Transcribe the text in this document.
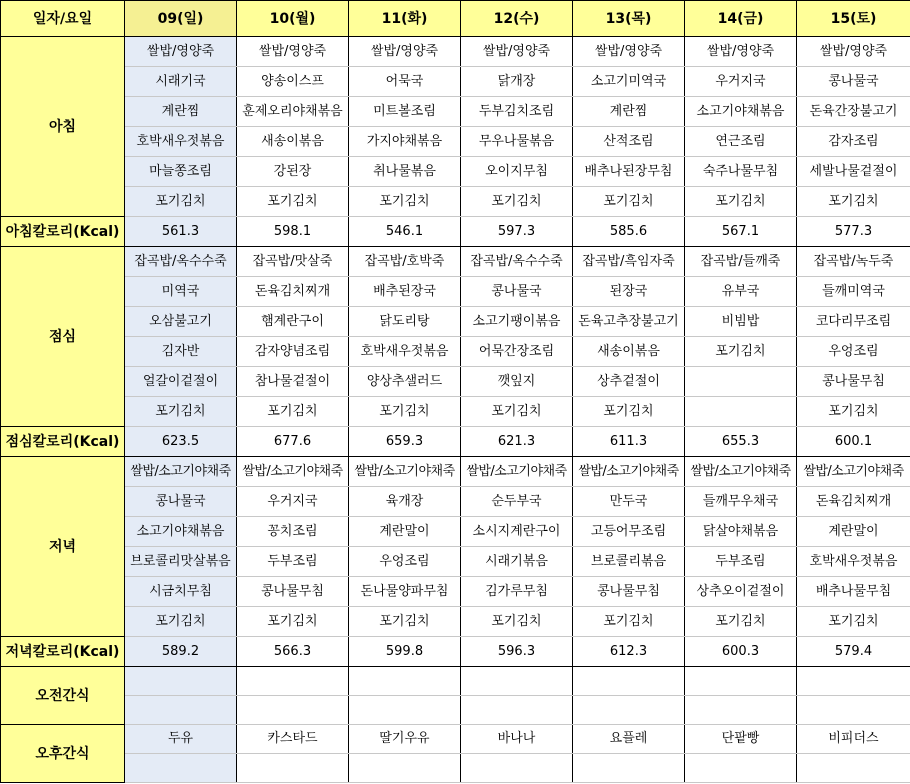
일자/요일	09(일)	10(월)	11(화)	12(수)	13(목)	14(금)	15(토)
아침	쌀밥/영양죽	쌀밥/영양죽	쌀밥/영양죽	쌀밥/영양죽	쌀밥/영양죽	쌀밥/영양죽	쌀밥/영양죽
	시래기국	양송이스프	어묵국	닭개장	소고기미역국	우거지국	콩나물국
	계란찜	훈제오리야채볶음	미트볼조림	두부김치조림	계란찜	소고기야채볶음	돈육간장불고기
	호박새우젓볶음	새송이볶음	가지야채볶음	무우나물볶음	산적조림	연근조림	감자조림
	마늘쫑조림	강된장	취나물볶음	오이지무침	배추나된장무침	숙주나물무침	세발나물겉절이
	포기김치	포기김치	포기김치	포기김치	포기김치	포기김치	포기김치
아침칼로리(Kcal)	561.3	598.1	546.1	597.3	585.6	567.1	577.3
점심	잡곡밥/옥수수죽	잡곡밥/맛살죽	잡곡밥/호박죽	잡곡밥/옥수수죽	잡곡밥/흑임자죽	잡곡밥/들깨죽	잡곡밥/녹두죽
	미역국	돈육김치찌개	배추된장국	콩나물국	된장국	유부국	들깨미역국
	오삼불고기	햄계란구이	닭도리탕	소고기팽이볶음	돈육고추장불고기	비빔밥	코다리무조림
	김자반	감자양념조림	호박새우젓볶음	어묵간장조림	새송이볶음	포기김치	우엉조림
	얼갈이겉절이	참나물겉절이	양상추샐러드	깻잎지	상추겉절이		콩나물무침
	포기김치	포기김치	포기김치	포기김치	포기김치		포기김치
점심칼로리(Kcal)	623.5	677.6	659.3	621.3	611.3	655.3	600.1
저녁	쌀밥/소고기야채죽	쌀밥/소고기야채죽	쌀밥/소고기야채죽	쌀밥/소고기야채죽	쌀밥/소고기야채죽	쌀밥/소고기야채죽	쌀밥/소고기야채죽
	콩나물국	우거지국	육개장	순두부국	만두국	들깨무우채국	돈육김치찌개
	소고기야채볶음	꽁치조림	계란말이	소시지계란구이	고등어무조림	닭살야채볶음	계란말이
	브로콜리맛살볶음	두부조림	우엉조림	시래기볶음	브로콜리볶음	두부조림	호박새우젓볶음
	시금치무침	콩나물무침	돈나물양파무침	김가루무침	콩나물무침	상추오이겉절이	배추나물무침
	포기김치	포기김치	포기김치	포기김치	포기김치	포기김치	포기김치
저녁칼로리(Kcal)	589.2	566.3	599.8	596.3	612.3	600.3	579.4
오전간식							

오후간식	두유	카스타드	딸기우유	바나나	요플레	단팥빵	비피더스
